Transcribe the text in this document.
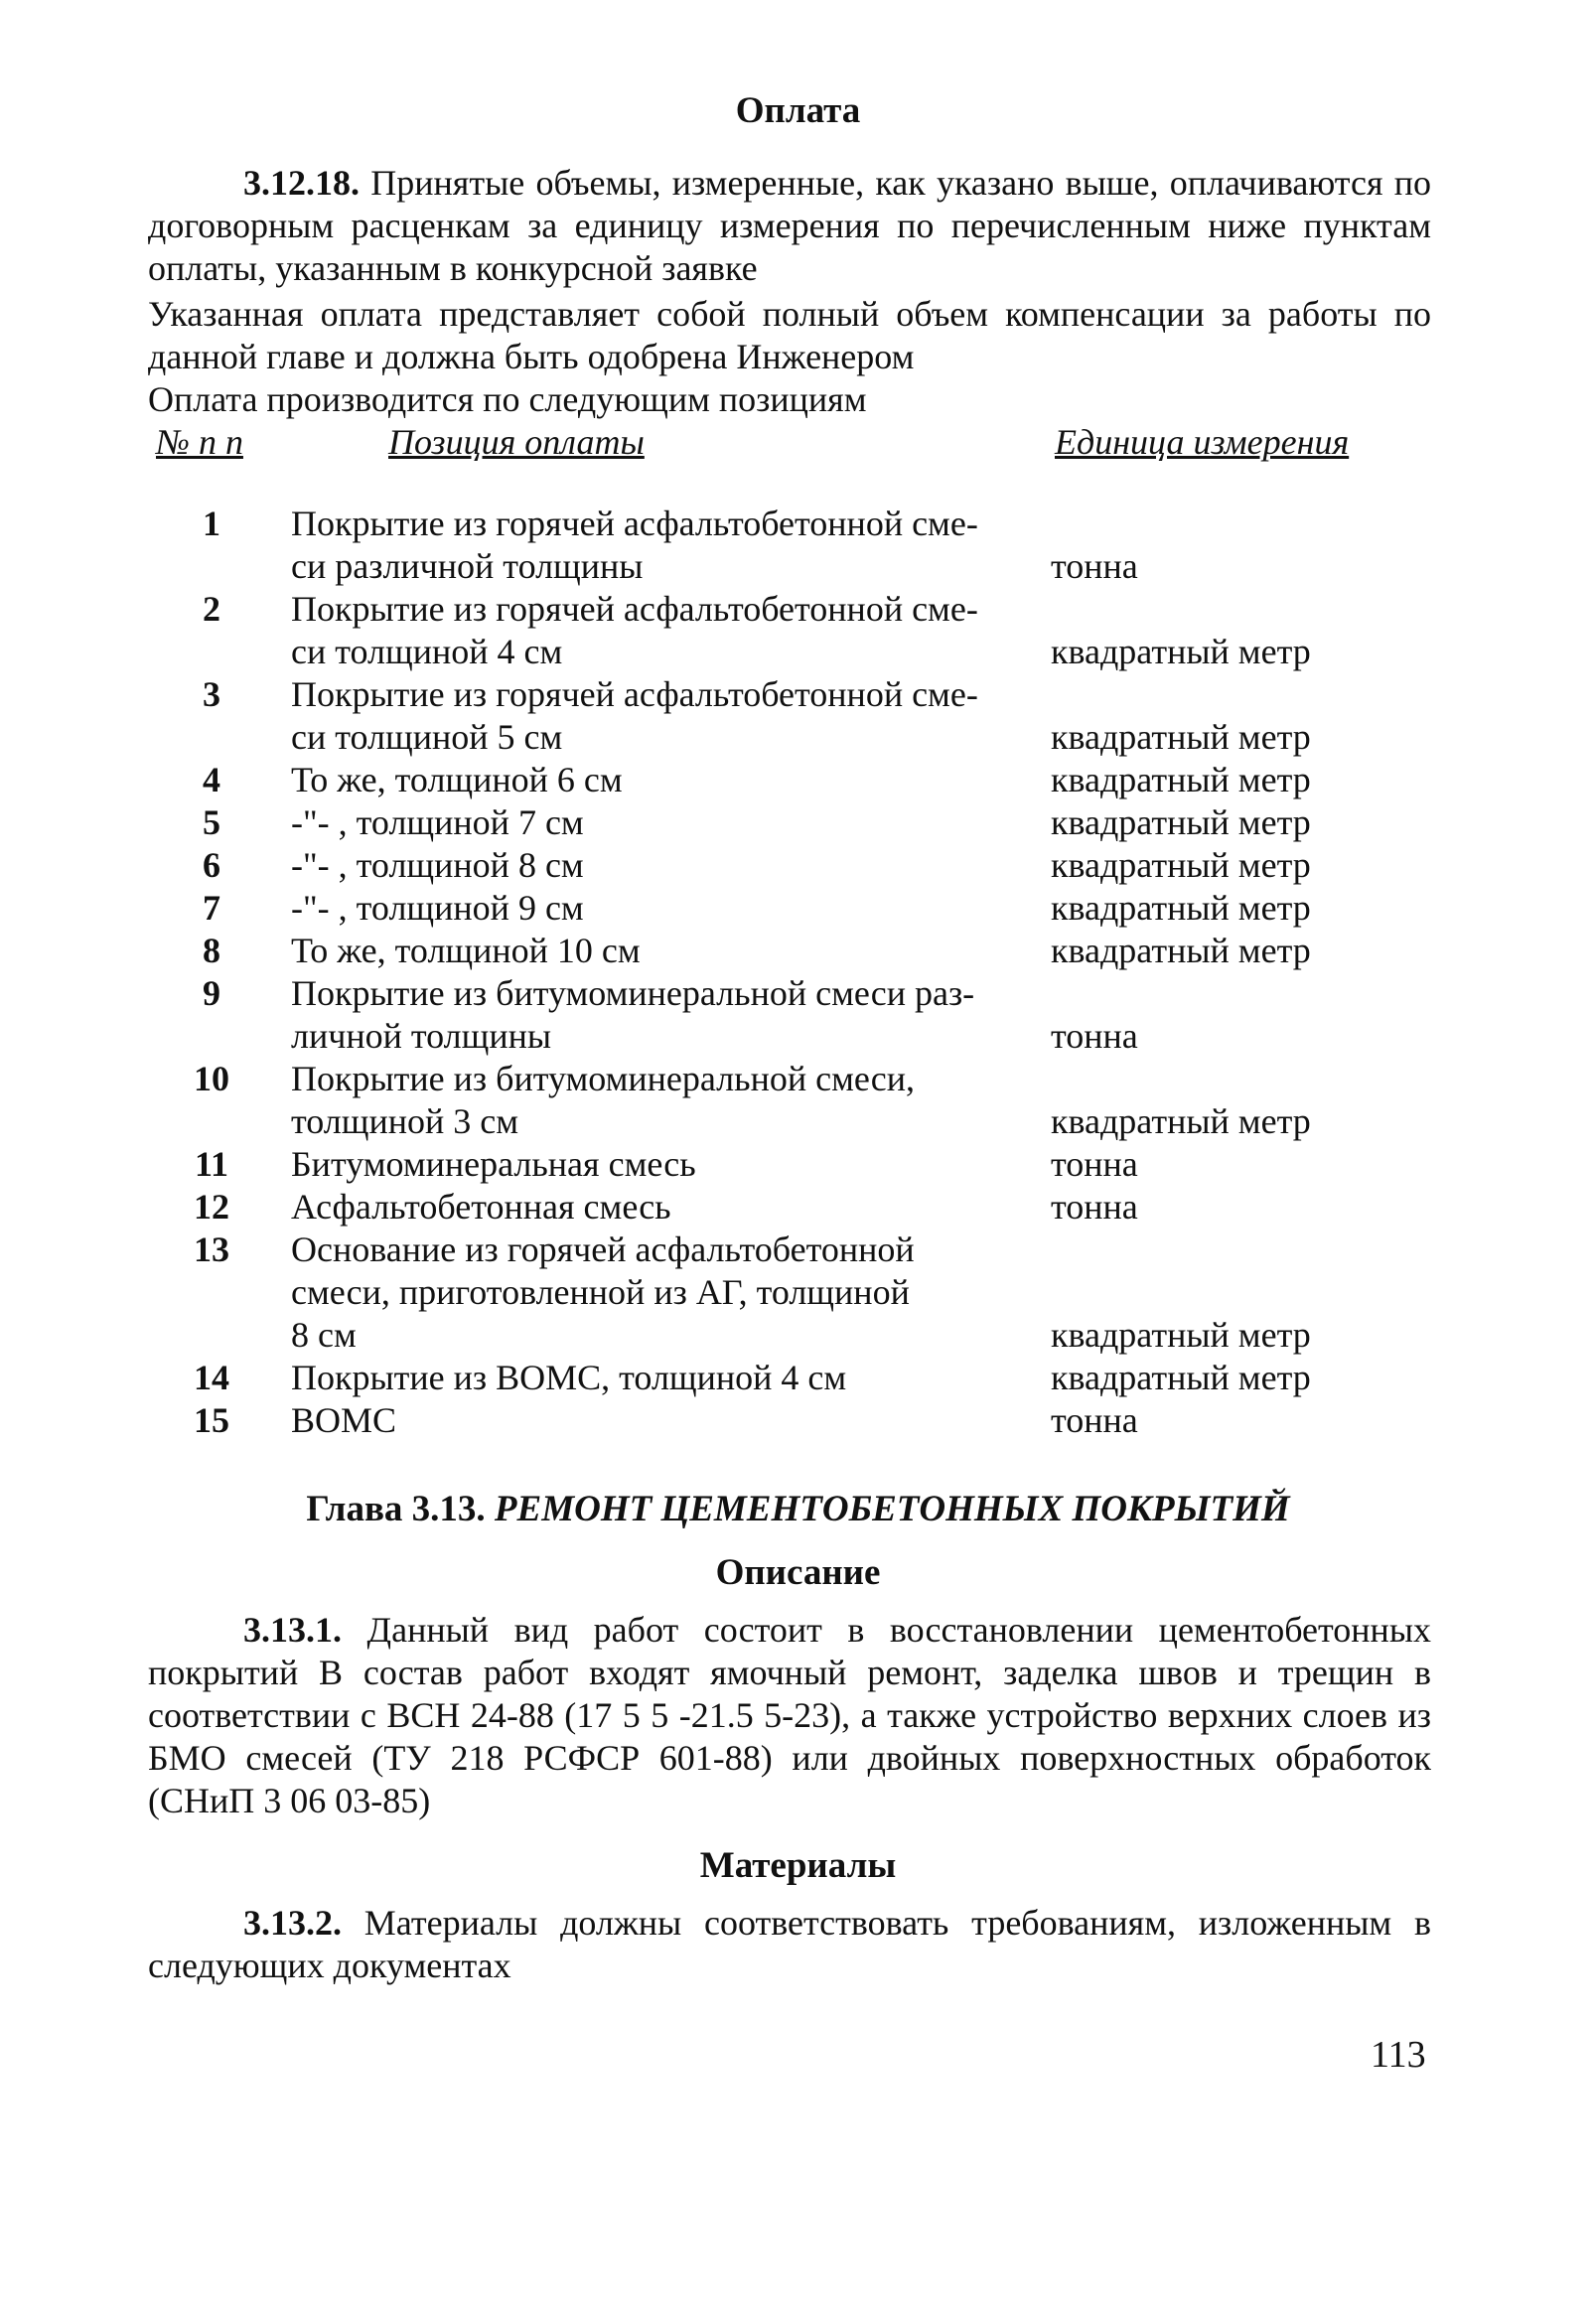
Оплата
3.12.18. Принятые объемы, измеренные, как указано выше, оплачиваются по договорным расценкам за единицу измерения по перечисленным ниже пунктам оплаты, указанным в конкурсной заявке
Указанная оплата представляет собой полный объем компенсации за работы по данной главе и должна быть одобрена Инженером
Оплата производится по следующим позициям
№ п п	Позиция оплаты	Единица измерения
1	Покрытие из горячей асфальтобетонной сме-
си различной толщины	тонна
2	Покрытие из горячей асфальтобетонной сме-
си толщиной 4 см	квадратный метр
3	Покрытие из горячей асфальтобетонной сме-
си толщиной 5 см	квадратный метр
4	То же, толщиной 6 см	квадратный метр
5	-"- , толщиной 7 см	квадратный метр
6	-"- , толщиной 8 см	квадратный метр
7	-"- , толщиной 9 см	квадратный метр
8	То же, толщиной 10 см	квадратный метр
9	Покрытие из битумоминеральной смеси раз-
личной толщины	тонна
10	Покрытие из битумоминеральной смеси,
толщиной 3 см	квадратный метр
11	Битумоминеральная смесь	тонна
12	Асфальтобетонная смесь	тонна
13	Основание из горячей асфальтобетонной
смеси, приготовленной из АГ, толщиной
8 см	квадратный метр
14	Покрытие из ВОМС, толщиной 4 см	квадратный метр
15	ВОМС	тонна
Глава 3.13. РЕМОНТ ЦЕМЕНТОБЕТОННЫХ ПОКРЫТИЙ
Описание
3.13.1. Данный вид работ состоит в восстановлении цементобетонных покрытий В состав работ входят ямочный ремонт, заделка швов и трещин в соответствии с ВСН 24-88 (17 5 5 -21.5 5-23), а также устройство верхних слоев из БМО смесей (ТУ 218 РСФСР 601-88) или двойных поверхностных обработок (СНиП 3 06 03-85)
Материалы
3.13.2. Материалы должны соответствовать требованиям, изложенным в следующих документах
113
